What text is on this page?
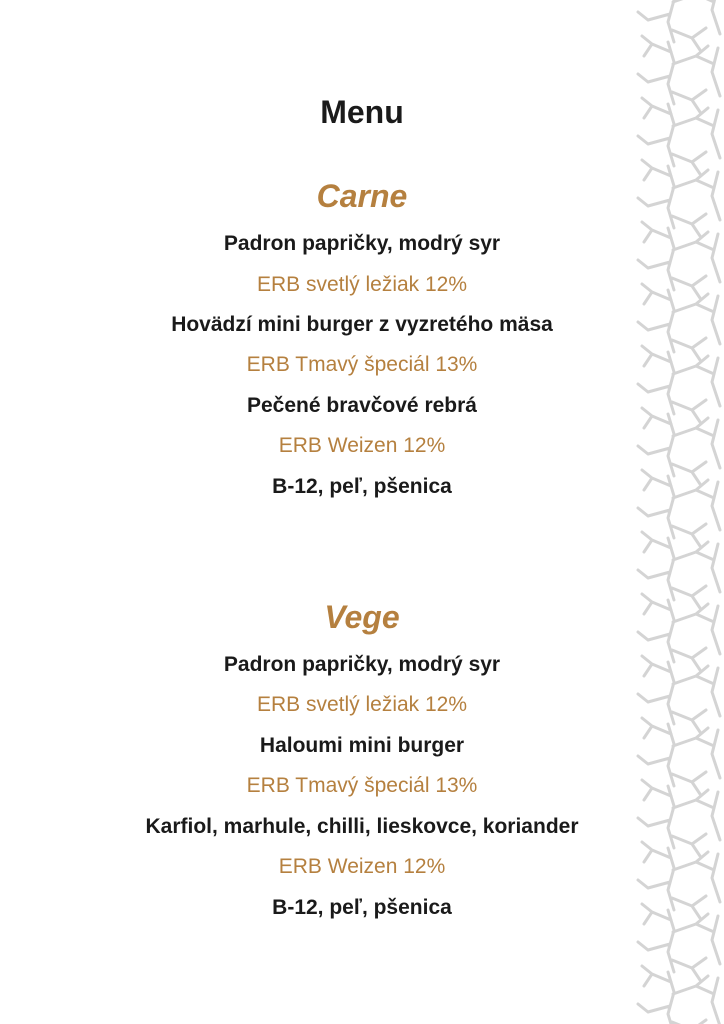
Menu
Carne
Padron papričky, modrý syr
ERB svetlý ležiak 12%
Hovädzí mini burger z vyzretého mäsa
ERB Tmavý špeciál 13%
Pečené bravčové rebrá
ERB Weizen 12%
B-12, peľ, pšenica
Vege
Padron papričky, modrý syr
ERB svetlý ležiak 12%
Haloumi mini burger
ERB Tmavý špeciál 13%
Karfiol, marhule, chilli, lieskovce, koriander
ERB Weizen 12%
B-12, peľ, pšenica
